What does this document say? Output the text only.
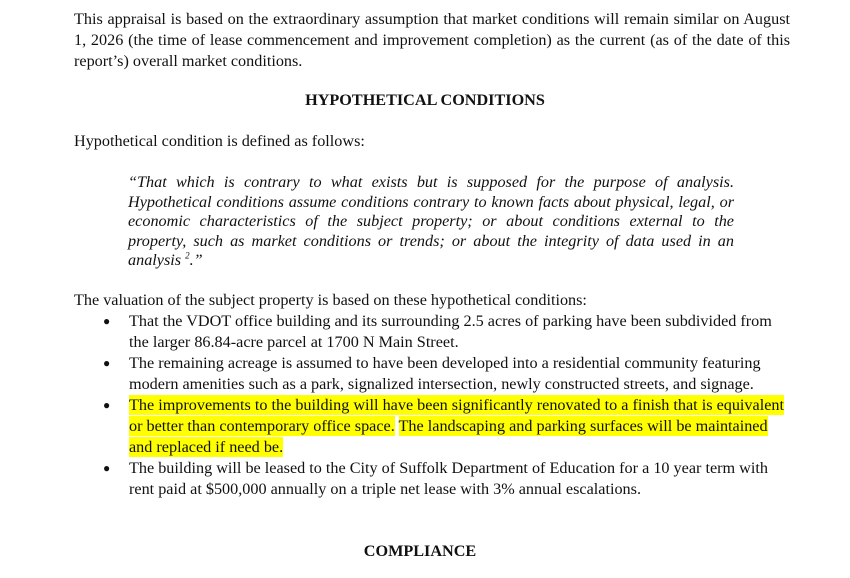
This appraisal is based on the extraordinary assumption that market conditions will remain similar on August 1, 2026 (the time of lease commencement and improvement completion) as the current (as of the date of this report’s) overall market conditions.

HYPOTHETICAL CONDITIONS

Hypothetical condition is defined as follows:

“That which is contrary to what exists but is supposed for the purpose of analysis. Hypothetical conditions assume conditions contrary to known facts about physical, legal, or economic characteristics of the subject property; or about conditions external to the property, such as market conditions or trends; or about the integrity of data used in an analysis $^2$.”

The valuation of the subject property is based on these hypothetical conditions:

● That the VDOT office building and its surrounding 2.5 acres of parking have been subdivided from the larger 86.84-acre parcel at 1700 N Main Street.
● The remaining acreage is assumed to have been developed into a residential community featuring modern amenities such as a park, signalized intersection, newly constructed streets, and signage.
● The improvements to the building will have been significantly renovated to a finish that is equivalent or better than contemporary office space. The landscaping and parking surfaces will be maintained and replaced if need be.
● The building will be leased to the City of Suffolk Department of Education for a 10 year term with rent paid at $500,000 annually on a triple net lease with 3% annual escalations.
COMPLIANCE
